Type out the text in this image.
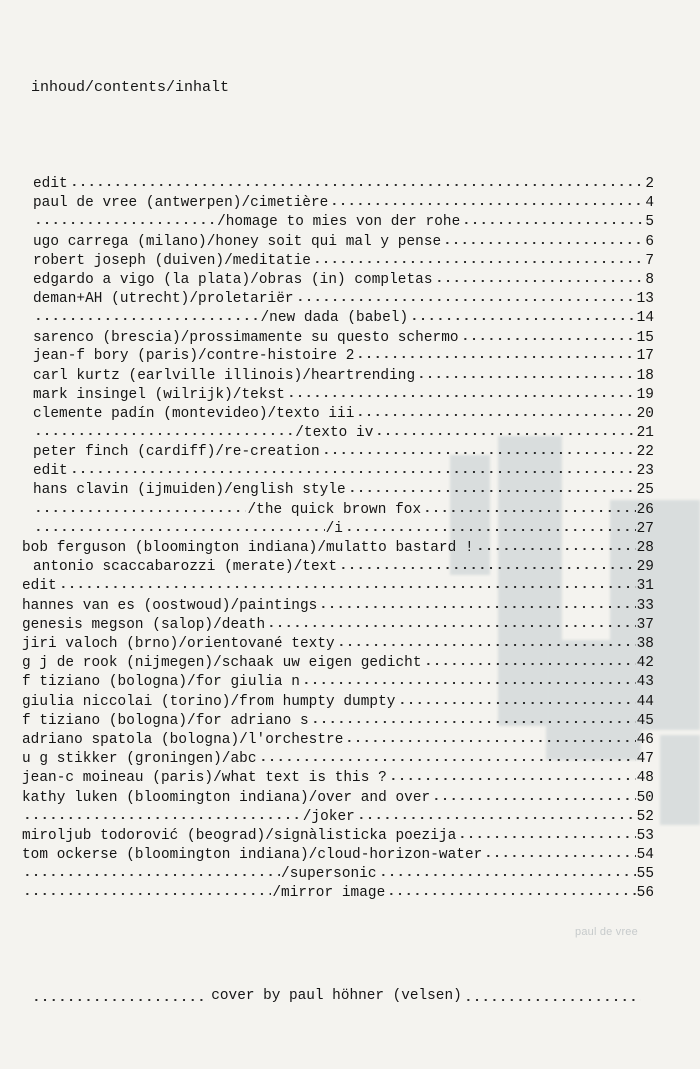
paul de vree
inhoud/contents/inhalt
edit	2
paul de vree (antwerpen)/cimetière	4
/homage to mies von der rohe	5
ugo carrega (milano)/honey soit qui mal y pense	6
robert joseph (duiven)/meditatie	7
edgardo a vigo (la plata)/obras (in) completas	8
deman+AH (utrecht)/proletariër	13
/new dada (babel)	14
sarenco (brescia)/prossimamente su questo schermo	15
jean-f bory (paris)/contre-histoire 2	17
carl kurtz (earlville illinois)/heartrending	18
mark insingel (wilrijk)/tekst	19
clemente padín (montevideo)/texto iii	20
/texto iv	21
peter finch (cardiff)/re-creation	22
edit	23
hans clavin (ijmuiden)/english style	25
/the quick brown fox	26
/i	27
bob ferguson (bloomington indiana)/mulatto bastard !	28
antonio scaccabarozzi (merate)/text	29
edit	31
hannes van es (oostwoud)/paintings	33
genesis megson (salop)/death	37
jiri valoch (brno)/orientované texty	38
g j de rook (nijmegen)/schaak uw eigen gedicht	42
f tiziano (bologna)/for giulia n	43
giulia niccolai (torino)/from humpty dumpty	44
f tiziano (bologna)/for adriano s	45
adriano spatola (bologna)/l'orchestre	46
u g stikker (groningen)/abc	47
jean-c moineau (paris)/what text is this ?	48
kathy luken (bloomington indiana)/over and over	50
/joker	52
miroljub todorović (beograd)/signàlisticka poezija	53
tom ockerse (bloomington indiana)/cloud-horizon-water	54
/supersonic	55
/mirror image	56
cover by paul höhner (velsen)
